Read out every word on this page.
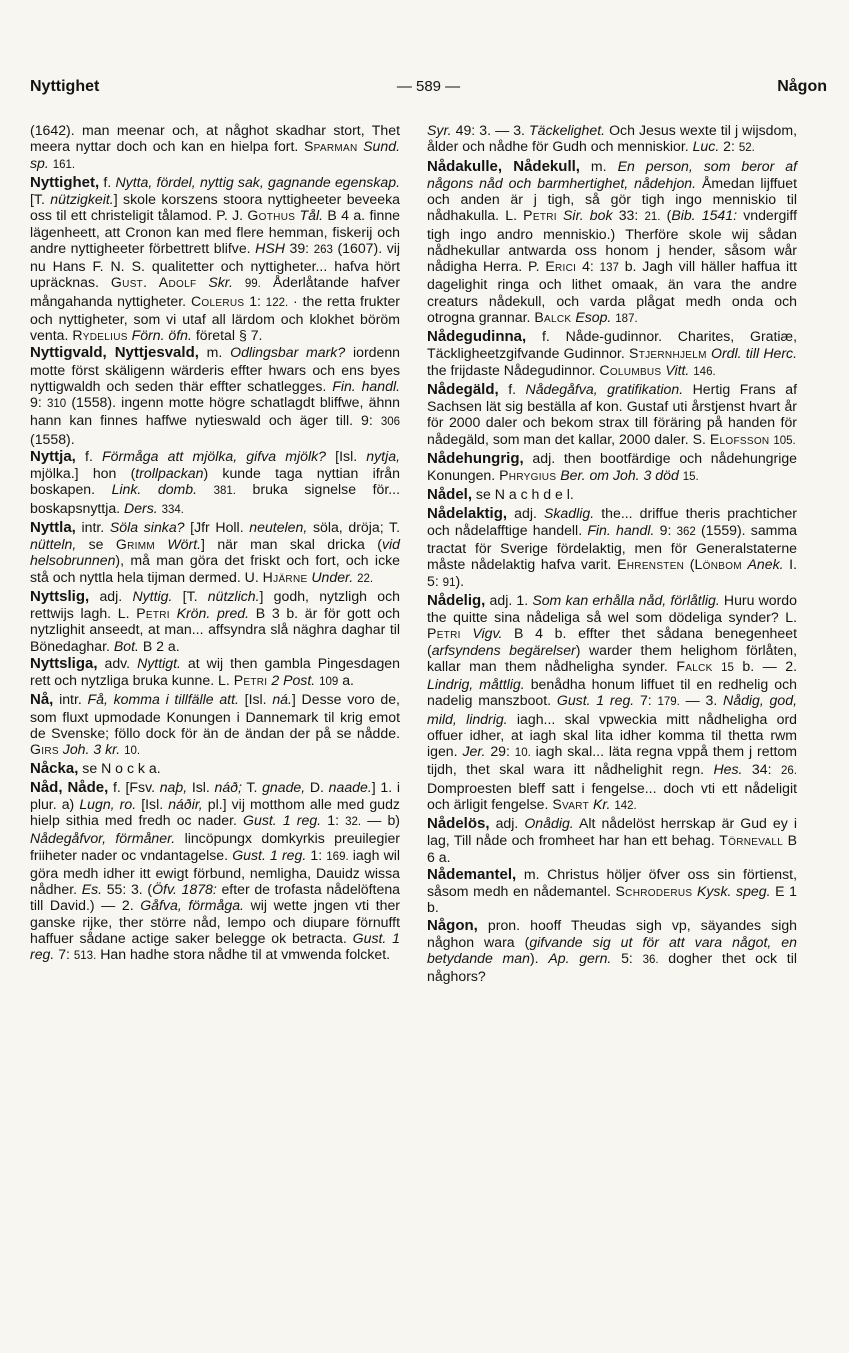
Nyttighet	— 589 —	Någon

(1642). man meenar och, at någhot skadhar stort, Thet meera nyttar doch och kan en hielpa fort. Sparman Sund. sp. 161.

Nyttighet, f. Nytta, fördel, nyttig sak, gagnande egenskap. [T. nützigkeit.] skole korszens stoora nyttigheeter beveeka oss til ett christeligit tålamod. P. J. Gothus Tål. B 4 a. finne lägenheett, att Cronon kan med flere hemman, fiskerij och andre nyttigheeter förbettrett blifve. HSH 39: 263 (1607). vij nu Hans F. N. S. qualitetter och nyttigheter... hafva hört upräcknas. Gust. Adolf Skr. 99. Åderlåtande hafver mångahanda nyttigheter. Colerus 1: 122. · the retta frukter och nyttigheter, som vi utaf all lärdom och klokhet böröm venta. Rydelius Förn. öfn. företal § 7.

Nyttigvald, Nyttjesvald, m. Odlingsbar mark? iordenn motte först skäligenn wärderis effter hwars och ens byes nyttigwaldh och seden thär effter schatlegges. Fin. handl. 9: 310 (1558). ingenn motte högre schatlagdt bliffwe, ähnn hann kan finnes haffwe nytieswald och äger till. 9: 306 (1558).

Nyttja, f. Förmåga att mjölka, gifva mjölk? [Isl. nytja, mjölka.] hon (trollpackan) kunde taga nyttian ifrån boskapen. Link. domb. 381. bruka signelse för... boskapsnyttja. Ders. 334.

Nyttla, intr. Söla sinka? [Jfr Holl. neutelen, söla, dröja; T. nütteln, se Grimm Wört.] när man skal dricka (vid helsobrunnen), må man göra det friskt och fort, och icke stå och nyttla hela tijman dermed. U. Hjärne Under. 22.

Nyttslig, adj. Nyttig. [T. nützlich.] godh, nytzligh och rettwijs lagh. L. Petri Krön. pred. B 3 b. är för gott och nytzlighit anseedt, at man... affsyndra slå näghra daghar til Bönedaghar. Bot. B 2 a.

Nyttsliga, adv. Nyttigt. at wij then gambla Pingesdagen rett och nytzliga bruka kunne. L. Petri 2 Post. 109 a.

Nå, intr. Få, komma i tillfälle att. [Isl. ná.] Desse voro de, som fluxt upmodade Konungen i Dannemark til krig emot de Svenske; föllo dock för än de ändan der på se nådde. Girs Joh. 3 kr. 10.

Nåcka, se N o c k a.

Nåd, Nåde, f. [Fsv. naþ, Isl. náð; T. gnade, D. naade.] 1. i plur. a) Lugn, ro. [Isl. náðir, pl.] vij motthom alle med gudz hielp sithia med fredh oc nader. Gust. 1 reg. 1: 32. — b) Nådegåfvor, förmåner. lincöpungx domkyrkis preuilegier friiheter nader oc vndantagelse. Gust. 1 reg. 1: 169. iagh wil göra medh idher itt ewigt förbund, nemligha, Dauidz wissa nådher. Es. 55: 3. (Öfv. 1878: efter de trofasta nådelöftena till David.) — 2. Gåfva, förmåga. wij wette jngen vti ther ganske rijke, ther större nåd, lempo och diupare förnufft haffuer sådane actige saker belegge ok betracta. Gust. 1 reg. 7: 513. Han hadhe stora nådhe til at vmwenda folcket.

Syr. 49: 3. — 3. Täckelighet. Och Jesus wexte til j wijsdom, ålder och nådhe för Gudh och menniskior. Luc. 2: 52.

Nådakulle, Nådekull, m. En person, som beror af någons nåd och barmhertighet, nådehjon. Åmedan lijffuet och anden är j tigh, så gör tigh ingo menniskio til nådhakulla. L. Petri Sir. bok 33: 21. (Bib. 1541: vndergiff tigh ingo andro menniskio.) Therföre skole wij sådan nådhekullar antwarda oss honom j hender, såsom wår nådigha Herra. P. Erici 4: 137 b. Jagh vill häller haffua itt dagelighit ringa och lithet omaak, än vara the andre creaturs nådekull, och varda plågat medh onda och otrogna grannar. Balck Esop. 187.

Nådegudinna, f. Nåde-gudinnor. Charites, Gratiæ, Täckligheetzgifvande Gudinnor. Stjernhjelm Ordl. till Herc. the frijdaste Nådegudinnor. Columbus Vitt. 146.

Nådegäld, f. Nådegåfva, gratifikation. Hertig Frans af Sachsen lät sig beställa af kon. Gustaf uti årstjenst hvart år för 2000 daler och bekom strax till föräring på handen för nådegäld, som man det kallar, 2000 daler. S. Elofsson 105.

Nådehungrig, adj. then bootfärdige och nådehungrige Konungen. Phrygius Ber. om Joh. 3 död 15.

Nådel, se N a c h d e l.

Nådelaktig, adj. Skadlig. the... driffue theris prachticher och nådelafftige handell. Fin. handl. 9: 362 (1559). samma tractat för Sverige fördelaktig, men för Generalstaterne måste nådelaktig hafva varit. Ehrensten (Lönbom Anek. I. 5: 91).

Nådelig, adj. 1. Som kan erhålla nåd, förlåtlig. Huru wordo the quitte sina nådeliga så wel som dödeliga synder? L. Petri Vigv. B 4 b. effter thet sådana benegenheet (arfsyndens begärelser) warder them helighom förlåten, kallar man them nådheligha synder. Falck 15 b. — 2. Lindrig, måttlig. benådha honum liffuet til en redhelig och nadelig manszboot. Gust. 1 reg. 7: 179. — 3. Nådig, god, mild, lindrig. iagh... skal vpweckia mitt nådheligha ord offuer idher, at iagh skal lita idher komma til thetta rwm igen. Jer. 29: 10. iagh skal... läta regna vppå them j rettom tijdh, thet skal wara itt nådhelighit regn. Hes. 34: 26. Domproesten bleff satt i fengelse... doch vti ett nådeligit och ärligit fengelse. Svart Kr. 142.

Nådelös, adj. Onådig. Alt nådelöst herrskap är Gud ey i lag, Till nåde och fromheet har han ett behag. Törnevall B 6 a.

Nådemantel, m. Christus höljer öfver oss sin förtienst, såsom medh en nådemantel. Schroderus Kysk. speg. E 1 b.

Någon, pron. hooff Theudas sigh vp, säyandes sigh någhon wara (gifvande sig ut för att vara något, en betydande man). Ap. gern. 5: 36. dogher thet ock til någhors?
